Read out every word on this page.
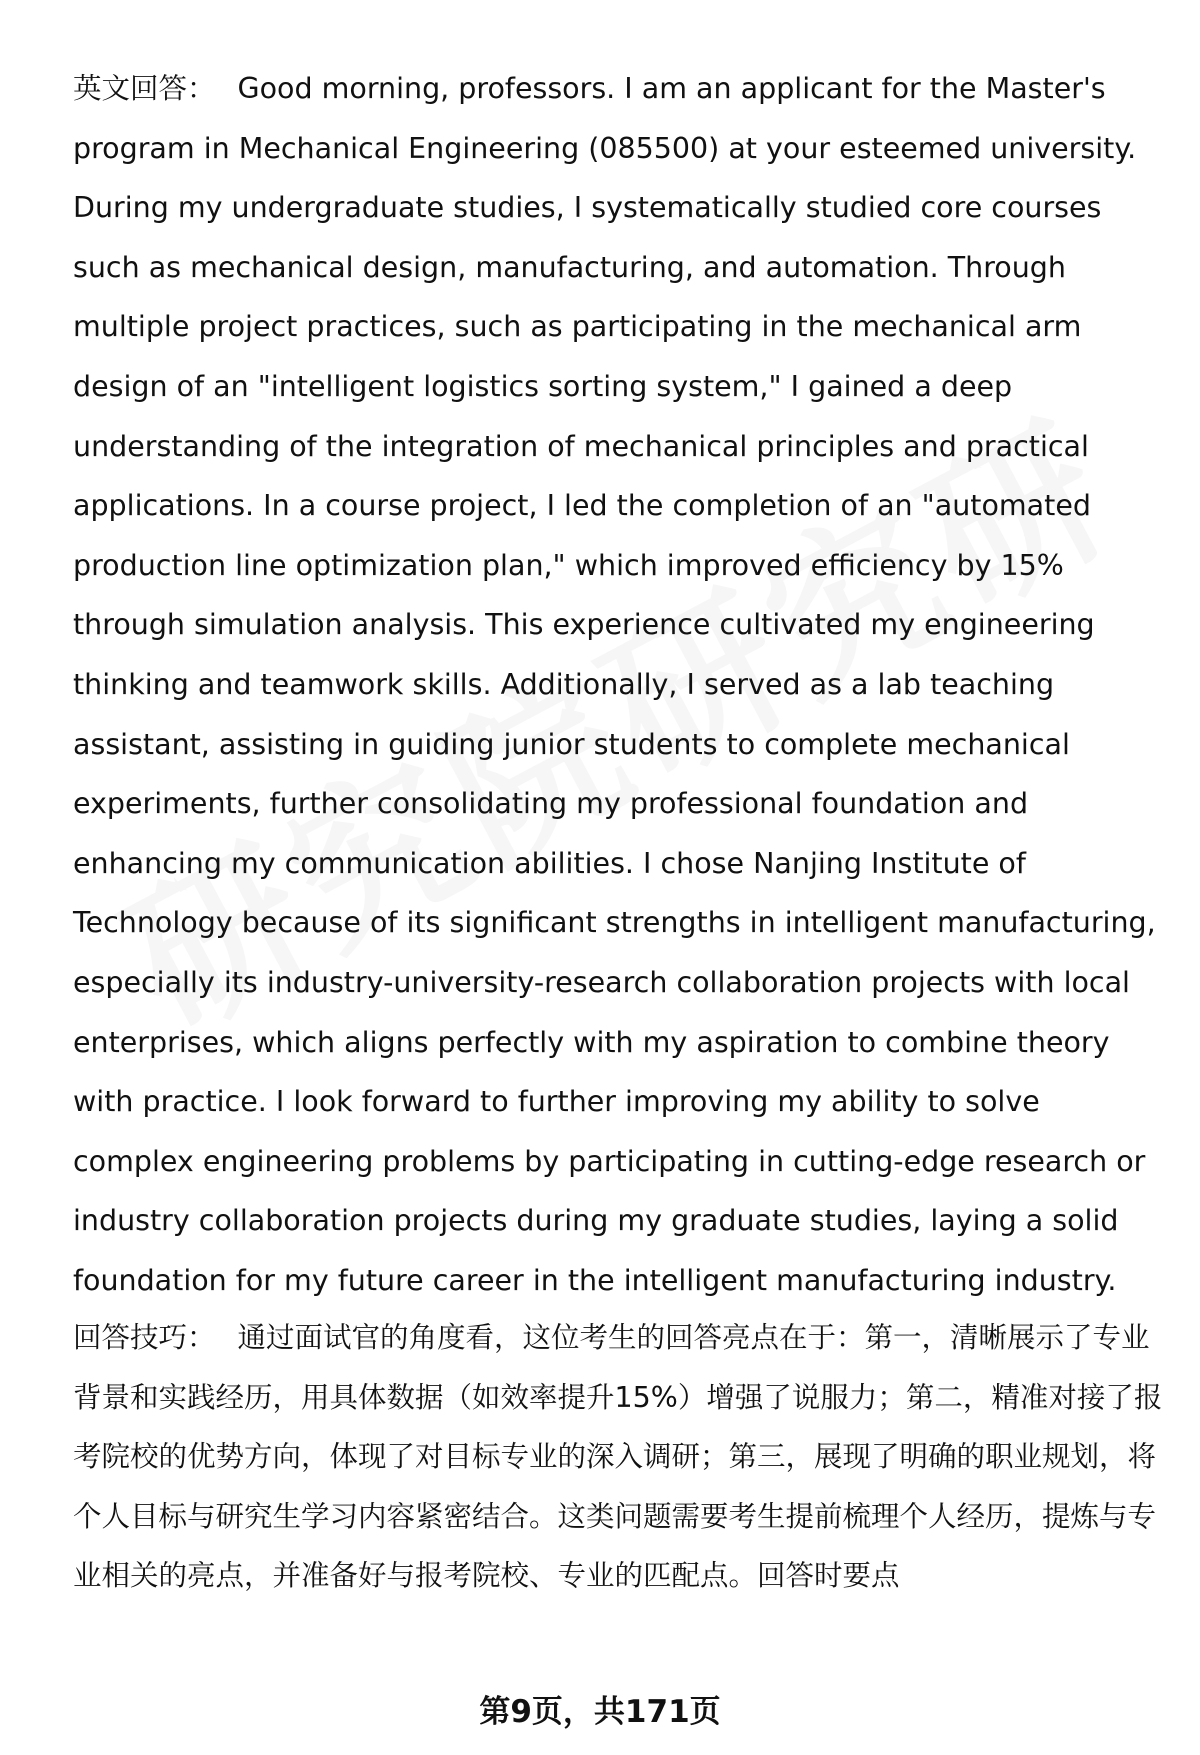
英文回答： Good morning, professors. I am an applicant for the Master's program in Mechanical Engineering (085500) at your esteemed university. During my undergraduate studies, I systematically studied core courses such as mechanical design, manufacturing, and automation. Through multiple project practices, such as participating in the mechanical arm design of an "intelligent logistics sorting system," I gained a deep understanding of the integration of mechanical principles and practical applications. In a course project, I led the completion of an "automated production line optimization plan," which improved efficiency by 15% through simulation analysis. This experience cultivated my engineering thinking and teamwork skills. Additionally, I served as a lab teaching assistant, assisting in guiding junior students to complete mechanical experiments, further consolidating my professional foundation and enhancing my communication abilities. I chose Nanjing Institute of Technology because of its significant strengths in intelligent manufacturing, especially its industry-university-research collaboration projects with local enterprises, which aligns perfectly with my aspiration to combine theory with practice. I look forward to further improving my ability to solve complex engineering problems by participating in cutting-edge research or industry collaboration projects during my graduate studies, laying a solid foundation for my future career in the intelligent manufacturing industry.
回答技巧： 通过面试官的角度看，这位考生的回答亮点在于：第一，清晰展示了专业背景和实践经历，用具体数据（如效率提升15%）增强了说服力；第二，精准对接了报考院校的优势方向，体现了对目标专业的深入调研；第三，展现了明确的职业规划，将个人目标与研究生学习内容紧密结合。这类问题需要考生提前梳理个人经历，提炼与专业相关的亮点，并准备好与报考院校、专业的匹配点。回答时要点
第9页，共171页
